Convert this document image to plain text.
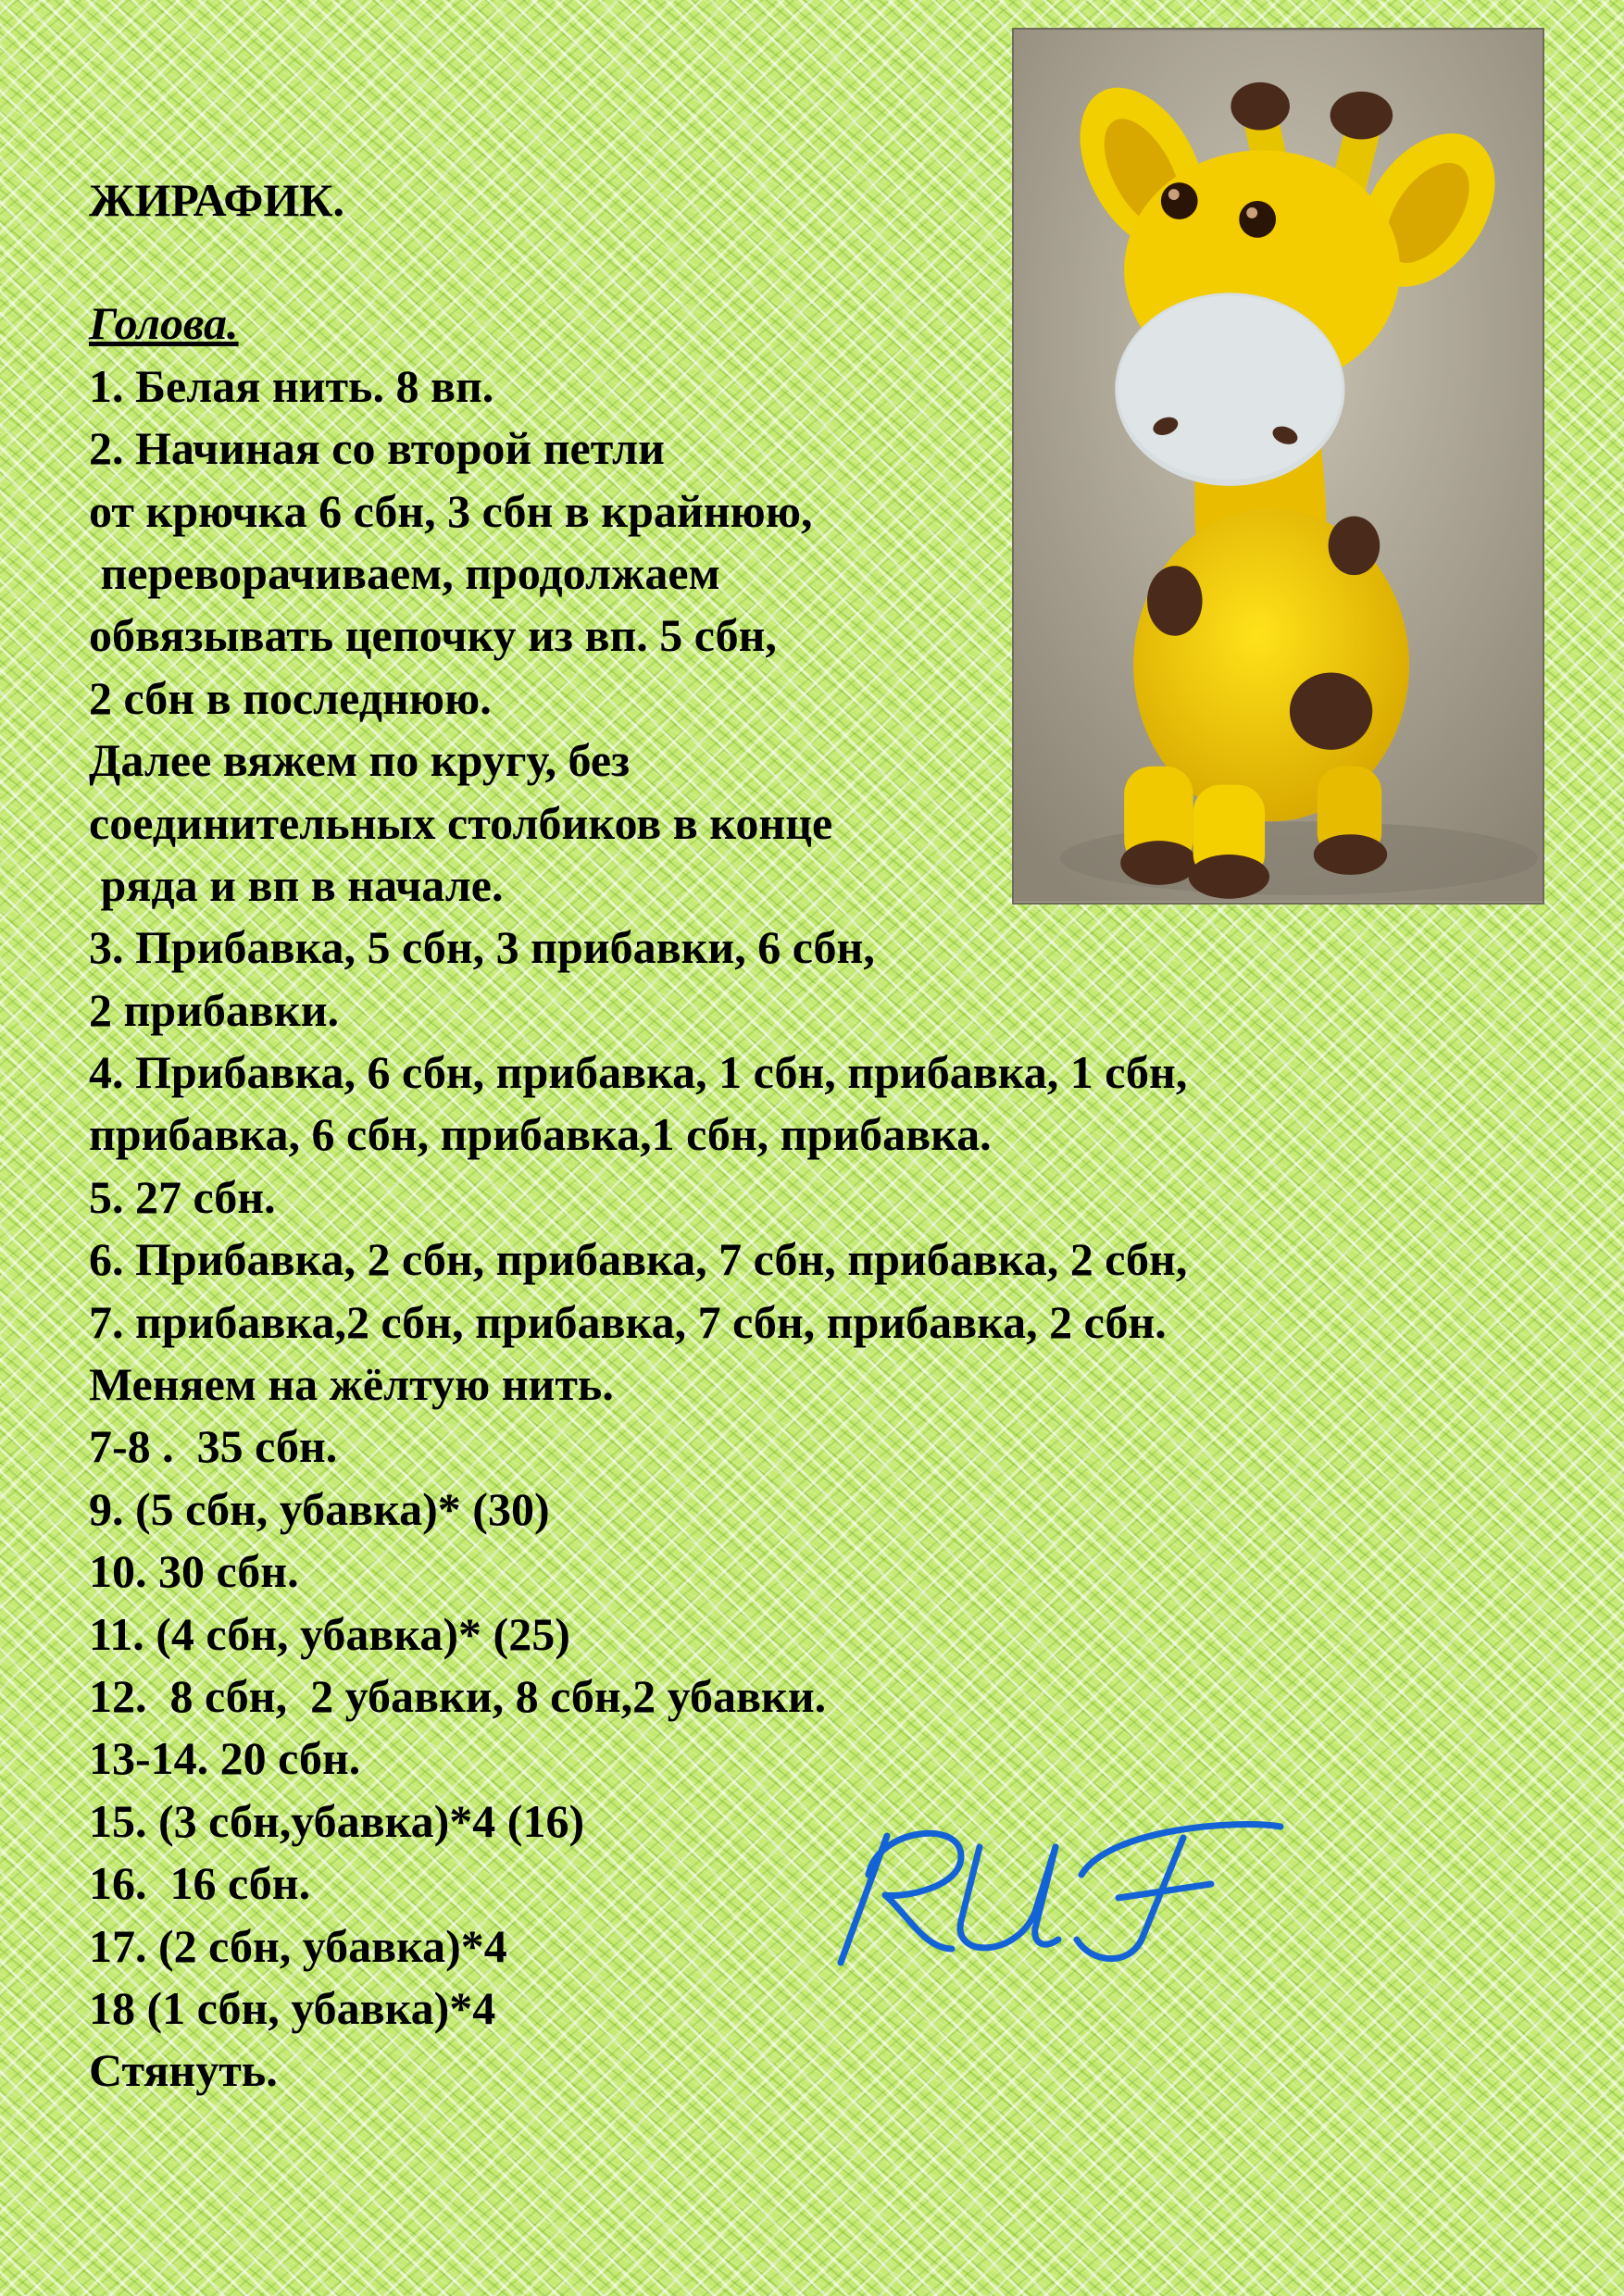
ЖИРАФИК.
Голова.
1. Белая нить. 8 вп.
2. Начиная со второй петли
от крючка 6 сбн, 3 сбн в крайнюю,
переворачиваем, продолжаем
обвязывать цепочку из вп. 5 сбн,
2 сбн в последнюю.
Далее вяжем по кругу, без
соединительных столбиков в конце
ряда и вп в начале.
3. Прибавка, 5 сбн, 3 прибавки, 6 сбн,
2 прибавки.
4. Прибавка, 6 сбн, прибавка, 1 сбн, прибавка, 1 сбн,
прибавка, 6 сбн, прибавка,1 сбн, прибавка.
5. 27 сбн.
6. Прибавка, 2 сбн, прибавка, 7 сбн, прибавка, 2 сбн,
7. прибавка,2 сбн, прибавка, 7 сбн, прибавка, 2 сбн.
Меняем на жёлтую нить.
7-8 .  35 сбн.
9. (5 сбн, убавка)* (30)
10. 30 сбн.
11. (4 сбн, убавка)* (25)
12.  8 сбн,  2 убавки, 8 сбн,2 убавки.
13-14. 20 сбн.
15. (3 сбн,убавка)*4 (16)
16.  16 сбн.
17. (2 сбн, убавка)*4
18 (1 сбн, убавка)*4
Стянуть.
